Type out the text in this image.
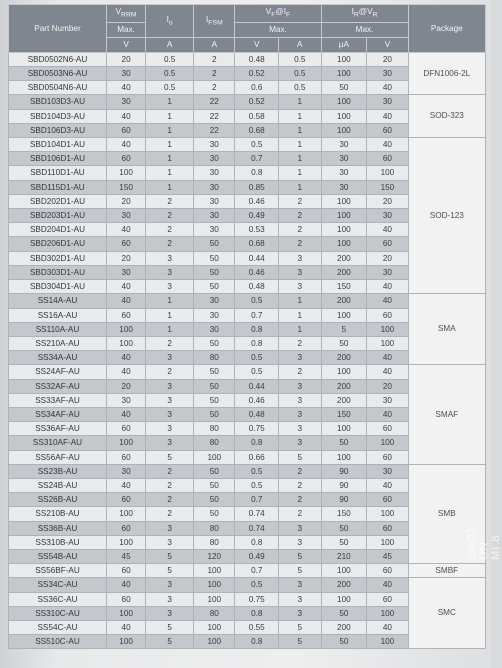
Part Number	$V_{RRM}$	$I_o$	$I_{FSM}$	$V_F@I_F$		$I_R@V_R$		Package
	Max.			Max.		Max.		
	V	A	A	V	A	µA	V	
SBD0502N6-AU	20	0.5	2	0.48	0.5	100	20	DFN1006-2L
SBD0503N6-AU	30	0.5	2	0.52	0.5	100	30	
SBD0504N6-AU	40	0.5	2	0.6	0.5	50	40	
SBD103D3-AU	30	1	22	0.52	1	100	30	SOD-323
SBD104D3-AU	40	1	22	0.58	1	100	40	
SBD106D3-AU	60	1	22	0.68	1	100	60	
SBD104D1-AU	40	1	30	0.5	1	30	40	SOD-123
SBD106D1-AU	60	1	30	0.7	1	30	60	
SBD110D1-AU	100	1	30	0.8	1	30	100	
SBD115D1-AU	150	1	30	0.85	1	30	150	
SBD202D1-AU	20	2	30	0.46	2	100	20	
SBD203D1-AU	30	2	30	0.49	2	100	30	
SBD204D1-AU	40	2	30	0.53	2	100	40	
SBD206D1-AU	60	2	50	0.68	2	100	60	
SBD302D1-AU	20	3	50	0.44	3	200	20	
SBD303D1-AU	30	3	50	0.46	3	200	30	
SBD304D1-AU	40	3	50	0.48	3	150	40	
SS14A-AU	40	1	30	0.5	1	200	40	SMA
SS16A-AU	60	1	30	0.7	1	100	60	
SS110A-AU	100	1	30	0.8	1	5	100	
SS210A-AU	100	2	50	0.8	2	50	100	
SS34A-AU	40	3	80	0.5	3	200	40	
SS24AF-AU	40	2	50	0.5	2	100	40	SMAF
SS32AF-AU	20	3	50	0.44	3	200	20	
SS33AF-AU	30	3	50	0.46	3	200	30	
SS34AF-AU	40	3	50	0.48	3	150	40	
SS36AF-AU	60	3	80	0.75	3	100	60	
SS310AF-AU	100	3	80	0.8	3	50	100	
SS56AF-AU	60	5	100	0.66	5	100	60	
SS23B-AU	30	2	50	0.5	2	90	30	SMB
SS24B-AU	40	2	50	0.5	2	90	40	
SS26B-AU	60	2	50	0.7	2	90	60	
SS210B-AU	100	2	50	0.74	2	150	100	
SS36B-AU	60	3	80	0.74	3	50	60	
SS310B-AU	100	3	80	0.8	3	50	100	
SS54B-AU	45	5	120	0.49	5	210	45	
SS56BF-AU	60	5	100	0.7	5	100	60	SMBF
SS34C-AU	40	3	100	0.5	3	200	40	SMC
SS36C-AU	60	3	100	0.75	3	100	60	
SS310C-AU	100	3	80	0.8	3	50	100	
SS54C-AU	40	5	100	0.55	5	200	40	
SS510C-AU	100	5	100	0.8	5	50	100	
SHOT ON MI 8
